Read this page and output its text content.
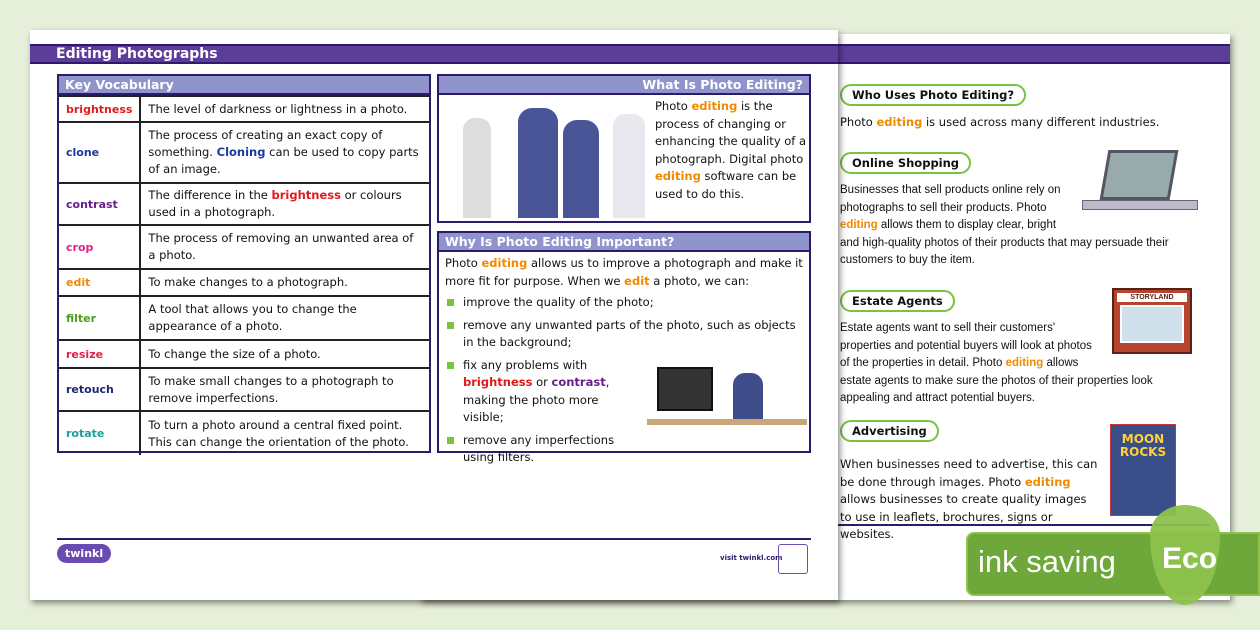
Who Uses Photo Editing?
Photo editing is used across many different industries.
Online Shopping
Businesses that sell products online rely on photographs to sell their products. Photo editing allows them to display clear, bright and high-quality photos of their products that may persuade their customers to buy the item.
Estate Agents	STORYLAND
Estate agents want to sell their customers' properties and potential buyers will look at photos of the properties in detail. Photo editing allows estate agents to make sure the photos of their properties look appealing and attract potential buyers.
Advertising
When businesses need to advertise, this can be done through images. Photo editing allows businesses to create quality images to use in leaflets, brochures, signs or websites.
MOON ROCKS
Editing Photographs
Key Vocabulary
brightness	The level of darkness or lightness in a photo.
clone	The process of creating an exact copy of something. Cloning can be used to copy parts of an image.
contrast	The difference in the brightness or colours used in a photograph.
crop	The process of removing an unwanted area of a photo.
edit	To make changes to a photograph.
filter	A tool that allows you to change the appearance of a photo.
resize	To change the size of a photo.
retouch	To make small changes to a photograph to remove imperfections.
rotate	To turn a photo around a central fixed point. This can change the orientation of the photo.
What Is Photo Editing?
Photo editing is the process of changing or enhancing the quality of a photograph. Digital photo editing software can be used to do this.
Why Is Photo Editing Important?
Photo editing allows us to improve a photograph and make it more fit for purpose. When we edit a photo, we can:
improve the quality of the photo;
remove any unwanted parts of the photo, such as objects in the background;
fix any problems with brightness or contrast, making the photo more visible;
remove any imperfections using filters.
twinkl	visit twinkl.com	ink saving Eco
